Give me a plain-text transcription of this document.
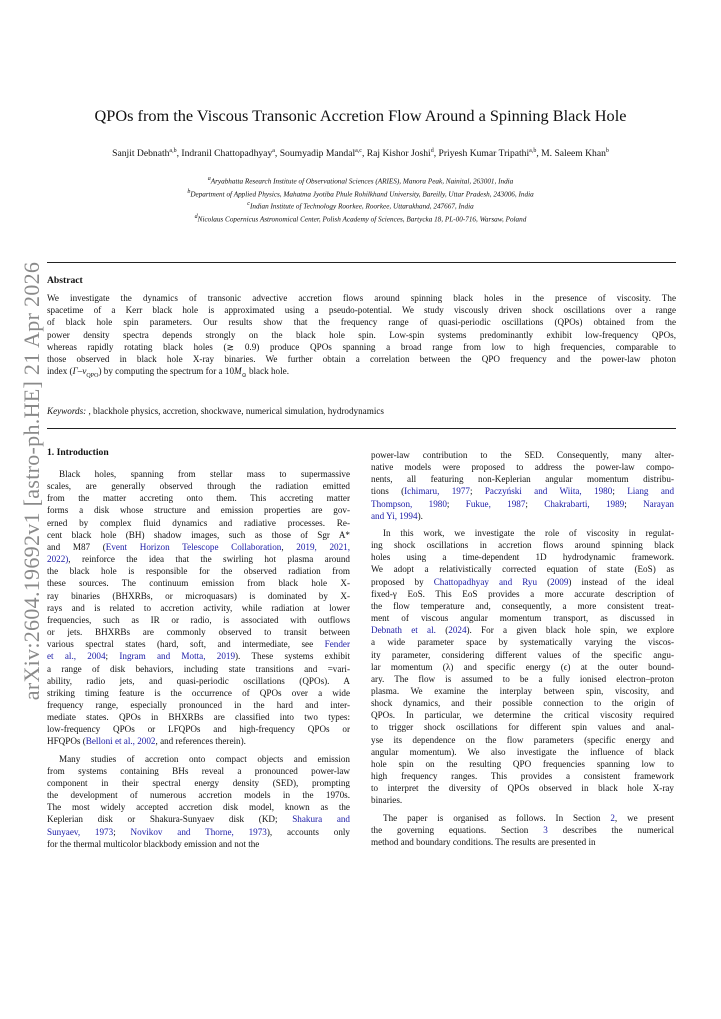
arXiv:2604.19692v1 [astro-ph.HE] 21 Apr 2026
QPOs from the Viscous Transonic Accretion Flow Around a Spinning Black Hole
Sanjit Debnath$^{a,b}$, Indranil Chattopadhyay$^a$, Soumyadip Mandal$^{a,c}$, Raj Kishor Joshi$^d$, Priyesh Kumar Tripathi$^{a,b}$, M. Saleem Khan$^b$
$^a$Aryabhatta Research Institute of Observational Sciences (ARIES), Manora Peak, Nainital, 263001, India
$^b$Department of Applied Physics, Mahatma Jyotiba Phule Rohilkhand University, Bareilly, Uttar Pradesh, 243006, India
$^c$Indian Institute of Technology Roorkee, Roorkee, Uttarakhand, 247667, India
$^d$Nicolaus Copernicus Astronomical Center, Polish Academy of Sciences, Bartycka 18, PL-00-716, Warsaw, Poland
Abstract
We investigate the dynamics of transonic advective accretion flows around spinning black holes in the presence of viscosity. The
spacetime of a Kerr black hole is approximated using a pseudo-potential. We study viscously driven shock oscillations over a range
of black hole spin parameters. Our results show that the frequency range of quasi-periodic oscillations (QPOs) obtained from the
power density spectra depends strongly on the black hole spin. Low-spin systems predominantly exhibit low-frequency QPOs,
whereas rapidly rotating black holes (≳ 0.9) produce QPOs spanning a broad range from low to high frequencies, comparable to
those observed in black hole X-ray binaries. We further obtain a correlation between the QPO frequency and the power-law photon
index $(\Gamma-\nu_{QPO})$ by computing the spectrum for a $10M_⊙$ black hole.
Keywords: , blackhole physics, accretion, shockwave, numerical simulation, hydrodynamics
1. Introduction
Black holes, spanning from stellar mass to supermassive
scales, are generally observed through the radiation emitted
from the matter accreting onto them. This accreting matter
forms a disk whose structure and emission properties are gov-
erned by complex fluid dynamics and radiative processes. Re-
cent black hole (BH) shadow images, such as those of Sgr A*
and M87 (Event Horizon Telescope Collaboration, 2019, 2021,
2022), reinforce the idea that the swirling hot plasma around
the black hole is responsible for the observed radiation from
these sources. The continuum emission from black hole X-
ray binaries (BHXRBs, or microquasars) is dominated by X-
rays and is related to accretion activity, while radiation at lower
frequencies, such as IR or radio, is associated with outflows
or jets. BHXRBs are commonly observed to transit between
various spectral states (hard, soft, and intermediate, see Fender
et al., 2004; Ingram and Motta, 2019). These systems exhibit
a range of disk behaviors, including state transitions and =vari-
ability, radio jets, and quasi-periodic oscillations (QPOs). A
striking timing feature is the occurrence of QPOs over a wide
frequency range, especially pronounced in the hard and inter-
mediate states. QPOs in BHXRBs are classified into two types:
low-frequency QPOs or LFQPOs and high-frequency QPOs or
HFQPOs (Belloni et al., 2002, and references therein).
Many studies of accretion onto compact objects and emission
from systems containing BHs reveal a pronounced power-law
component in their spectral energy density (SED), prompting
the development of numerous accretion models in the 1970s.
The most widely accepted accretion disk model, known as the
Keplerian disk or Shakura-Sunyaev disk (KD; Shakura and
Sunyaev, 1973; Novikov and Thorne, 1973), accounts only
for the thermal multicolor blackbody emission and not the
power-law contribution to the SED. Consequently, many alter-
native models were proposed to address the power-law compo-
nents, all featuring non-Keplerian angular momentum distribu-
tions (Ichimaru, 1977; Paczyński and Wiita, 1980; Liang and
Thompson, 1980; Fukue, 1987; Chakrabarti, 1989; Narayan
and Yi, 1994).
In this work, we investigate the role of viscosity in regulat-
ing shock oscillations in accretion flows around spinning black
holes using a time-dependent 1D hydrodynamic framework.
We adopt a relativistically corrected equation of state (EoS) as
proposed by Chattopadhyay and Ryu (2009) instead of the ideal
fixed-γ EoS. This EoS provides a more accurate description of
the flow temperature and, consequently, a more consistent treat-
ment of viscous angular momentum transport, as discussed in
Debnath et al. (2024). For a given black hole spin, we explore
a wide parameter space by systematically varying the viscos-
ity parameter, considering different values of the specific angu-
lar momentum (λ) and specific energy (ϵ) at the outer bound-
ary. The flow is assumed to be a fully ionised electron–proton
plasma. We examine the interplay between spin, viscosity, and
shock dynamics, and their possible connection to the origin of
QPOs. In particular, we determine the critical viscosity required
to trigger shock oscillations for different spin values and anal-
yse its dependence on the flow parameters (specific energy and
angular momentum). We also investigate the influence of black
hole spin on the resulting QPO frequencies spanning low to
high frequency ranges. This provides a consistent framework
to interpret the diversity of QPOs observed in black hole X-ray
binaries.
The paper is organised as follows. In Section 2, we present
the governing equations. Section 3 describes the numerical
method and boundary conditions. The results are presented in
